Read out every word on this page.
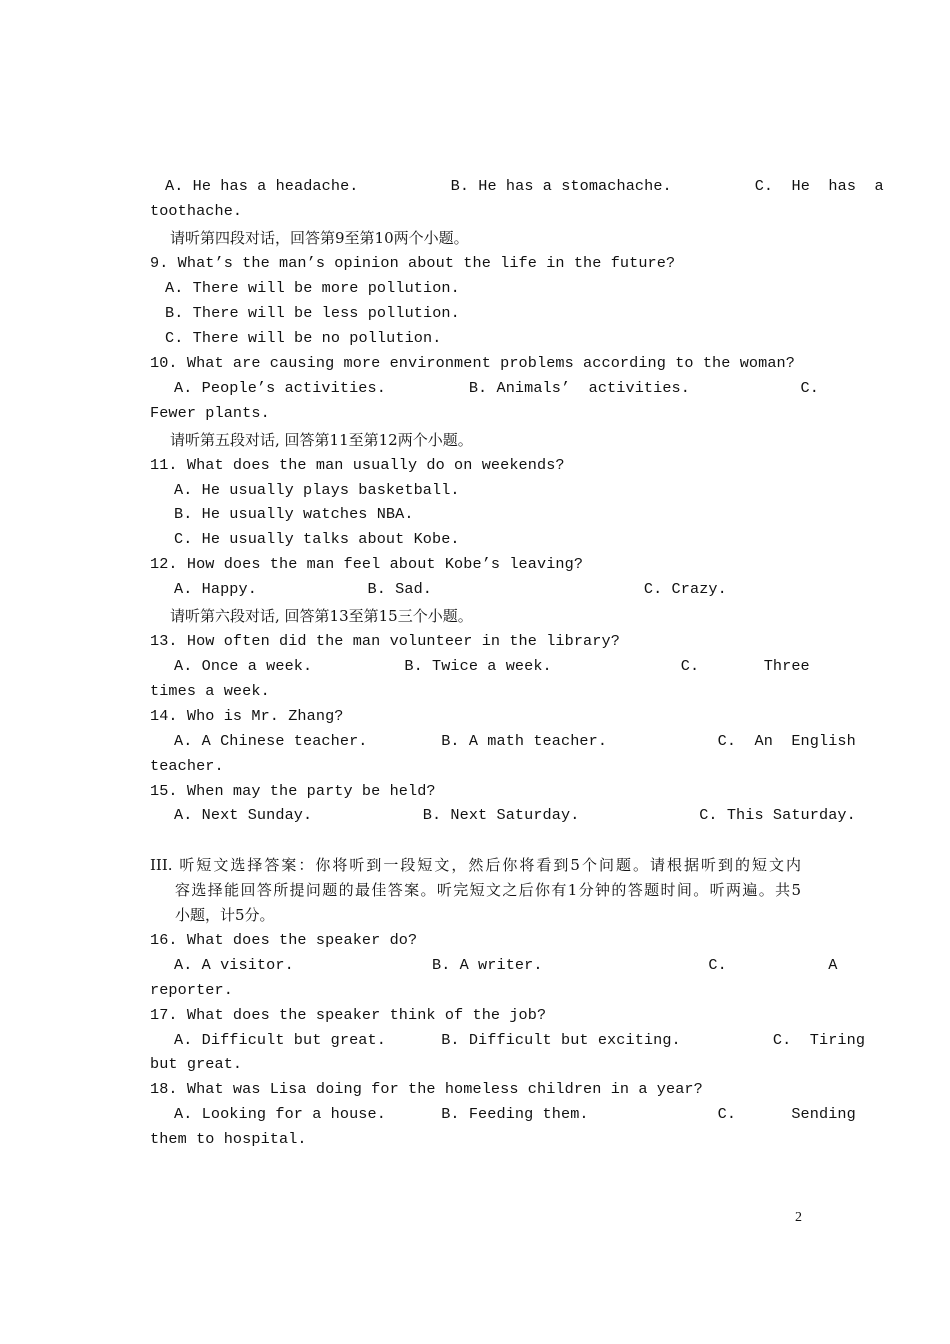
A. He has a headache.          B. He has a stomachache.         C.  He  has  a
toothache.
请听第四段对话，回答第9至第10两个小题。
9. What’s the man’s opinion about the life in the future?
A. There will be more pollution.
B. There will be less pollution.
C. There will be no pollution.
10. What are causing more environment problems according to the woman?
A. People’s activities.         B. Animals’  activities.            C.
Fewer plants.
请听第五段对话, 回答第11至第12两个小题。
11. What does the man usually do on weekends?
A. He usually plays basketball.
B. He usually watches NBA.
C. He usually talks about Kobe.
12. How does the man feel about Kobe’s leaving?
A. Happy.            B. Sad.                       C. Crazy.
请听第六段对话, 回答第13至第15三个小题。
13. How often did the man volunteer in the library?
A. Once a week.          B. Twice a week.              C.       Three
times a week.
14. Who is Mr. Zhang?
A. A Chinese teacher.        B. A math teacher.            C.  An  English
teacher.
15. When may the party be held?
A. Next Sunday.            B. Next Saturday.             C. This Saturday.
III. 听短文选择答案：你将听到一段短文，然后你将看到5个问题。请根据听到的短文内
容选择能回答所提问题的最佳答案。听完短文之后你有1分钟的答题时间。听两遍。共5
小题，计5分。
16. What does the speaker do?
A. A visitor.               B. A writer.                  C.           A
reporter.
17. What does the speaker think of the job?
A. Difficult but great.      B. Difficult but exciting.          C.  Tiring
but great.
18. What was Lisa doing for the homeless children in a year?
A. Looking for a house.      B. Feeding them.              C.      Sending
them to hospital.
2
